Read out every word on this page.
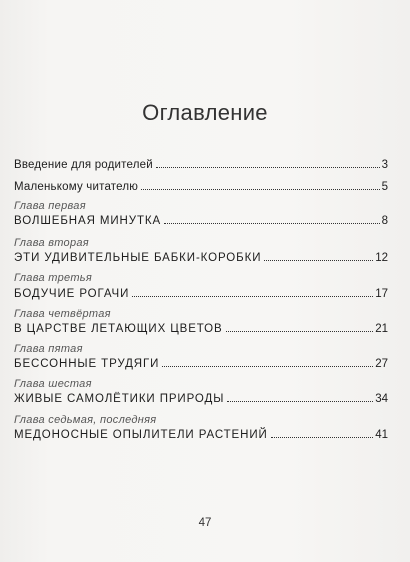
Оглавление
Введение для родителей	3
Маленькому читателю	5
Глава первая
ВОЛШЕБНАЯ МИНУТКА	8
Глава вторая
ЭТИ УДИВИТЕЛЬНЫЕ БАБКИ-КОРОБКИ	12
Глава третья
БОДУЧИЕ РОГАЧИ	17
Глава четвёртая
В ЦАРСТВЕ ЛЕТАЮЩИХ ЦВЕТОВ	21
Глава пятая
БЕССОННЫЕ ТРУДЯГИ	27
Глава шестая
ЖИВЫЕ САМОЛЁТИКИ ПРИРОДЫ	34
Глава седьмая, последняя
МЕДОНОСНЫЕ ОПЫЛИТЕЛИ РАСТЕНИЙ	41
47
